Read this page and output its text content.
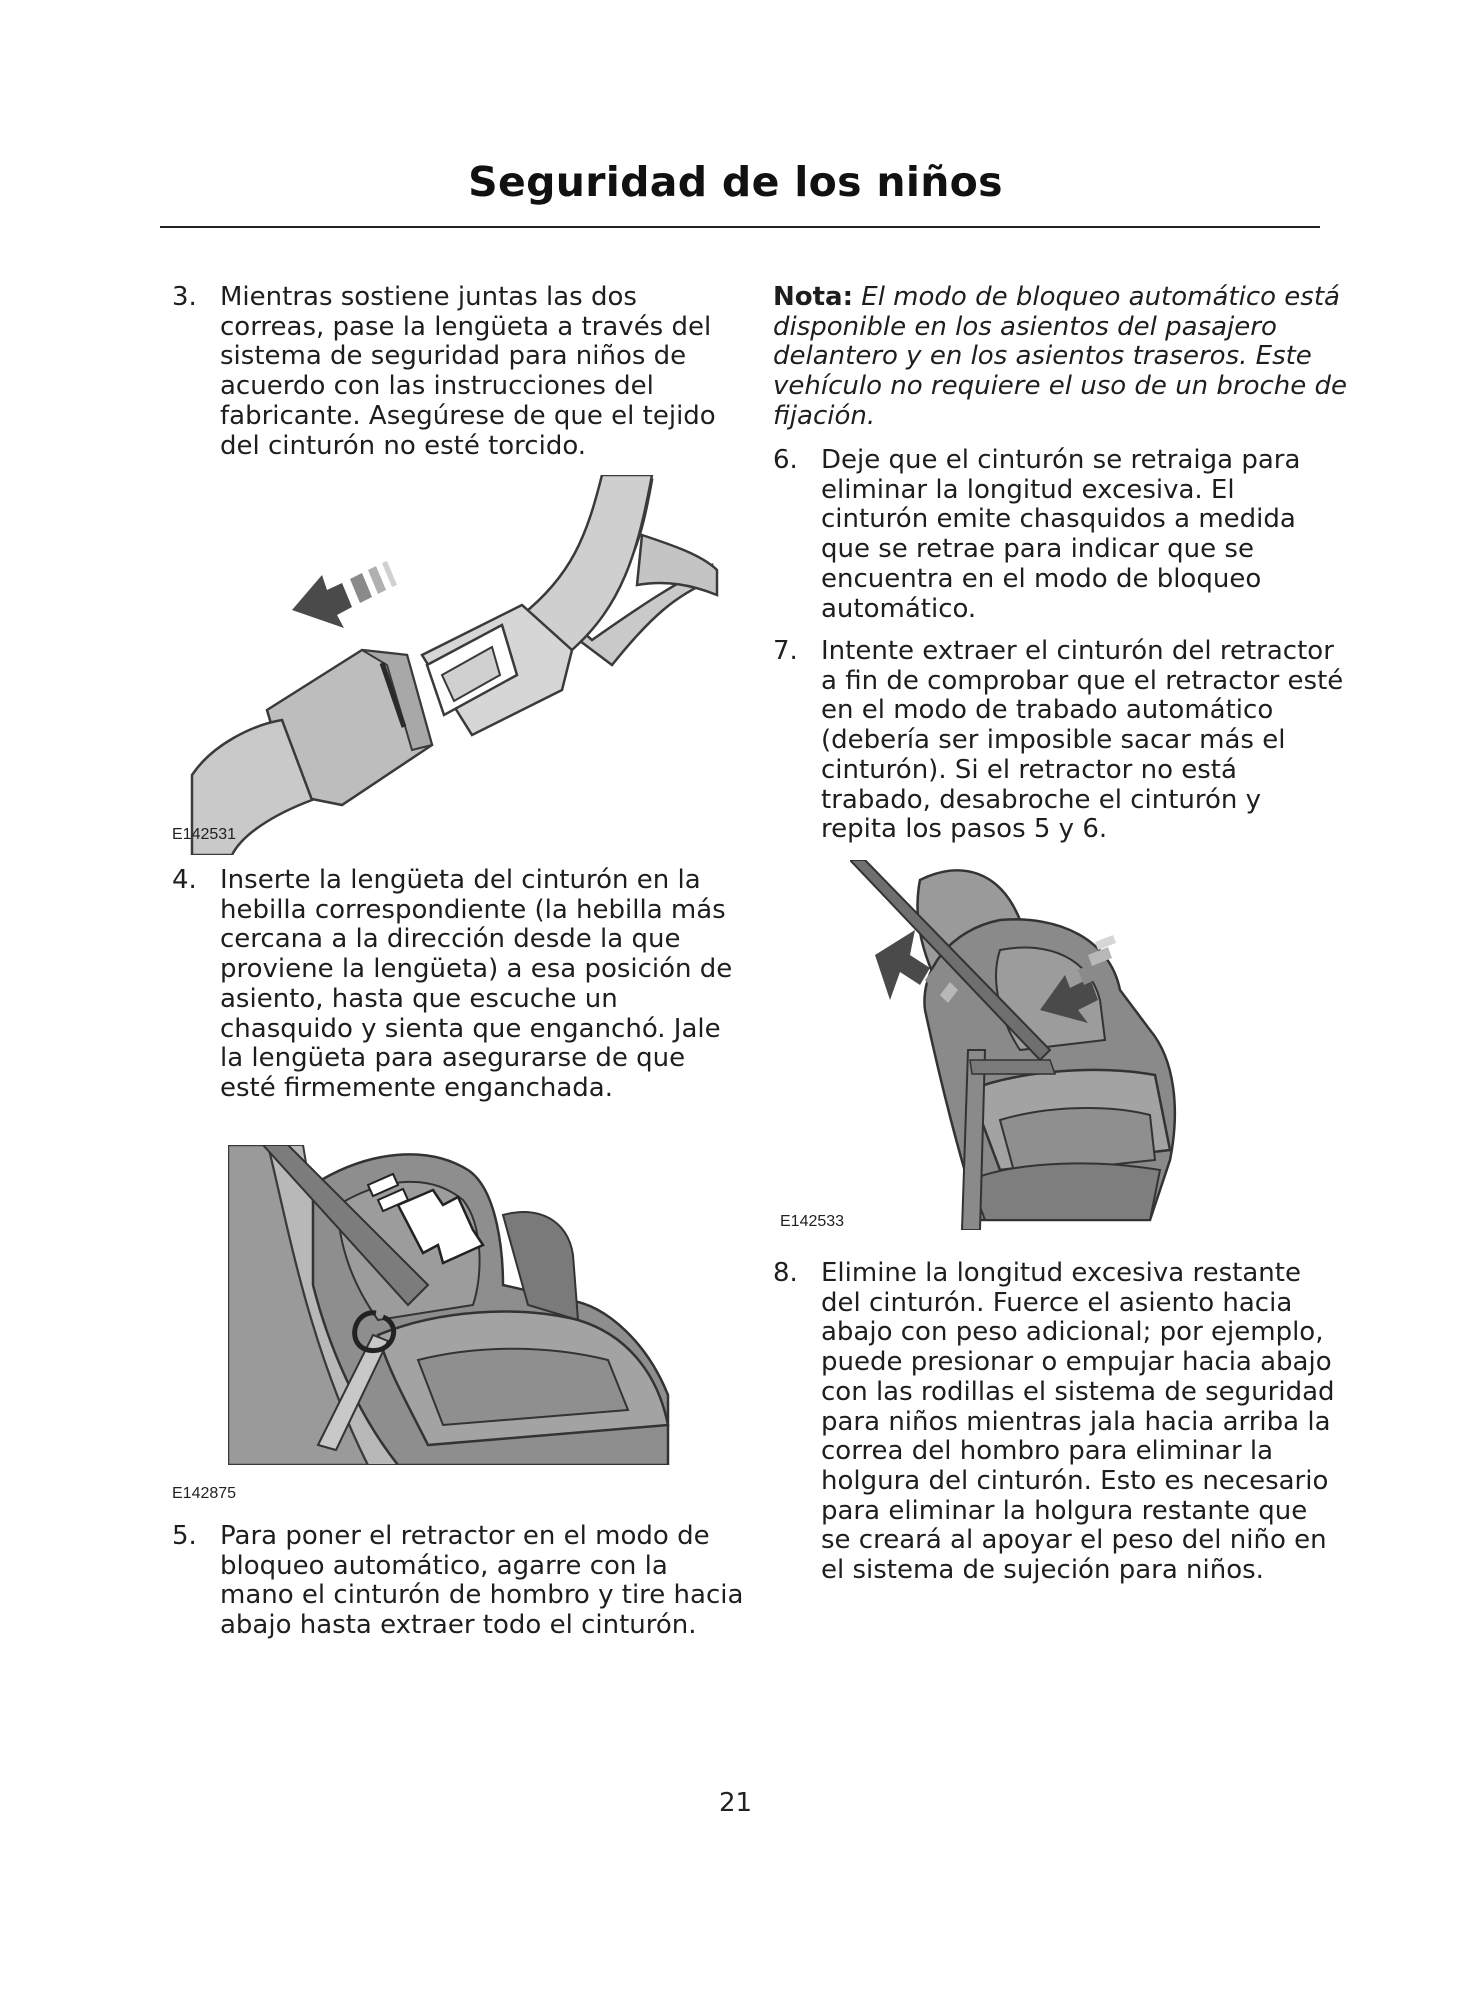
Seguridad de los niños
3. Mientras sostiene juntas las dos
correas, pase la lengüeta a través del
sistema de seguridad para niños de
acuerdo con las instrucciones del
fabricante. Asegúrese de que el tejido
del cinturón no esté torcido.
E142531
4. Inserte la lengüeta del cinturón en la
hebilla correspondiente (la hebilla más
cercana a la dirección desde la que
proviene la lengüeta) a esa posición de
asiento, hasta que escuche un
chasquido y sienta que enganchó. Jale
la lengüeta para asegurarse de que
esté firmemente enganchada.
E142875
5. Para poner el retractor en el modo de
bloqueo automático, agarre con la
mano el cinturón de hombro y tire hacia
abajo hasta extraer todo el cinturón.
Nota: El modo de bloqueo automático está
disponible en los asientos del pasajero
delantero y en los asientos traseros. Este
vehículo no requiere el uso de un broche de
fijación.
6. Deje que el cinturón se retraiga para
eliminar la longitud excesiva. El
cinturón emite chasquidos a medida
que se retrae para indicar que se
encuentra en el modo de bloqueo
automático.
7. Intente extraer el cinturón del retractor
a fin de comprobar que el retractor esté
en el modo de trabado automático
(debería ser imposible sacar más el
cinturón). Si el retractor no está
trabado, desabroche el cinturón y
repita los pasos 5 y 6.
E142533
8. Elimine la longitud excesiva restante
del cinturón. Fuerce el asiento hacia
abajo con peso adicional; por ejemplo,
puede presionar o empujar hacia abajo
con las rodillas el sistema de seguridad
para niños mientras jala hacia arriba la
correa del hombro para eliminar la
holgura del cinturón. Esto es necesario
para eliminar la holgura restante que
se creará al apoyar el peso del niño en
el sistema de sujeción para niños.
21
